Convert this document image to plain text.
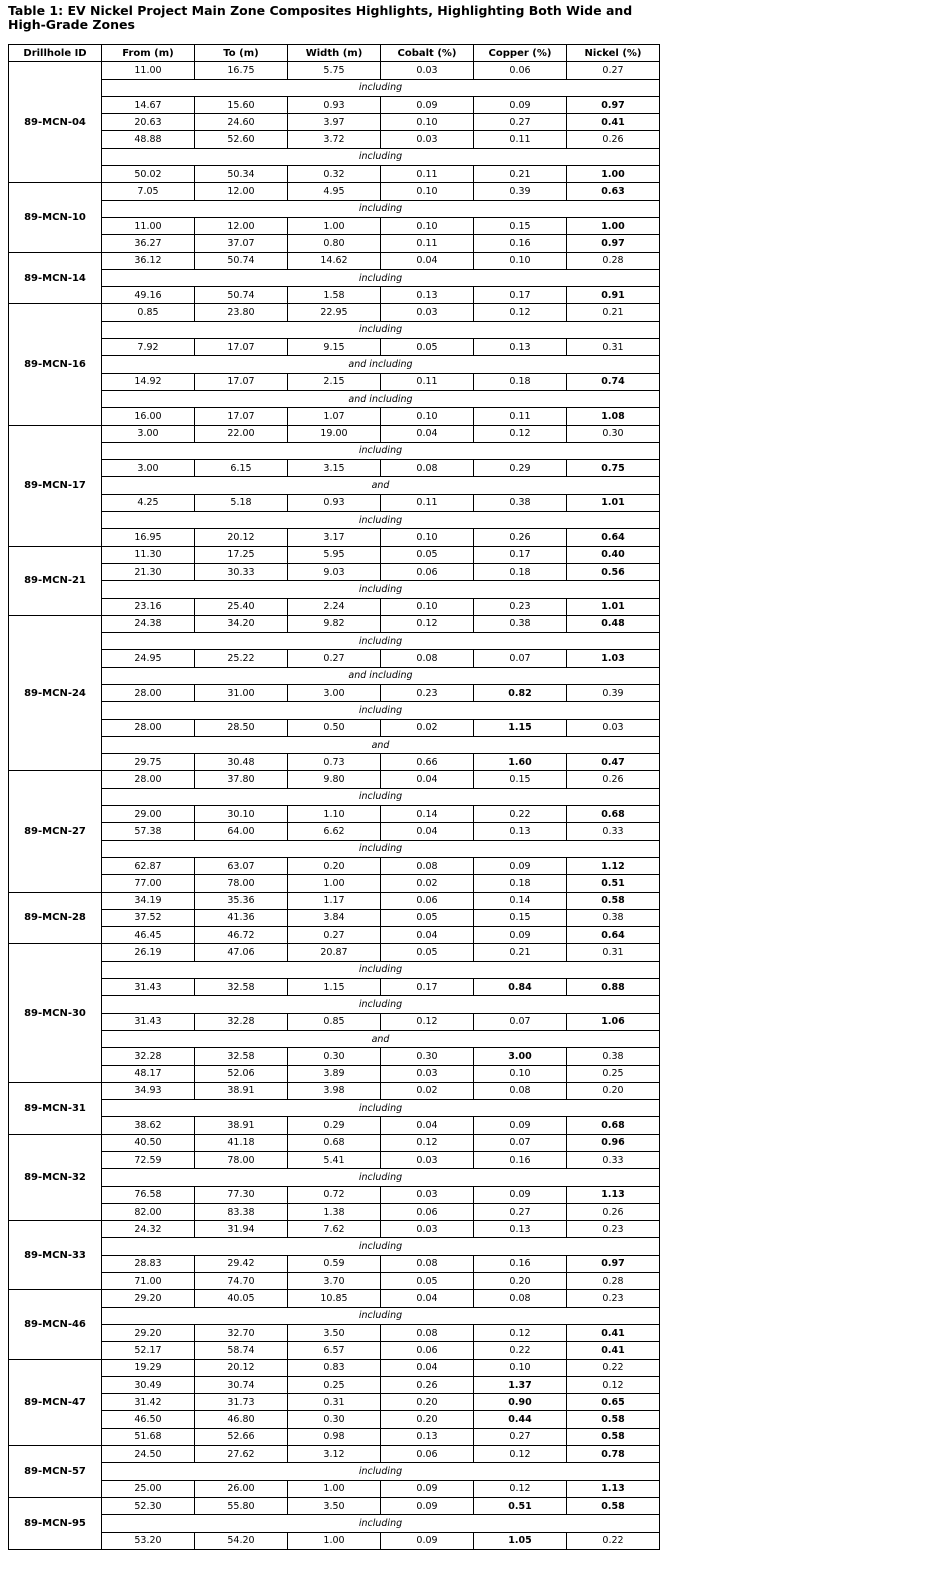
Table 1: EV Nickel Project Main Zone Composites Highlights, Highlighting Both Wide and High-Grade Zones
Drillhole ID	From (m)	To (m)	Width (m)	Cobalt (%)	Copper (%)	Nickel (%)
89-MCN-04	11.00	16.75	5.75	0.03	0.06	0.27
	including					
	14.67	15.60	0.93	0.09	0.09	0.97
	20.63	24.60	3.97	0.10	0.27	0.41
	48.88	52.60	3.72	0.03	0.11	0.26
	including					
	50.02	50.34	0.32	0.11	0.21	1.00
89-MCN-10	7.05	12.00	4.95	0.10	0.39	0.63
	including					
	11.00	12.00	1.00	0.10	0.15	1.00
	36.27	37.07	0.80	0.11	0.16	0.97
89-MCN-14	36.12	50.74	14.62	0.04	0.10	0.28
	including					
	49.16	50.74	1.58	0.13	0.17	0.91
89-MCN-16	0.85	23.80	22.95	0.03	0.12	0.21
	including					
	7.92	17.07	9.15	0.05	0.13	0.31
	and including					
	14.92	17.07	2.15	0.11	0.18	0.74
	and including					
	16.00	17.07	1.07	0.10	0.11	1.08
89-MCN-17	3.00	22.00	19.00	0.04	0.12	0.30
	including					
	3.00	6.15	3.15	0.08	0.29	0.75
	and					
	4.25	5.18	0.93	0.11	0.38	1.01
	including					
	16.95	20.12	3.17	0.10	0.26	0.64
89-MCN-21	11.30	17.25	5.95	0.05	0.17	0.40
	21.30	30.33	9.03	0.06	0.18	0.56
	including					
	23.16	25.40	2.24	0.10	0.23	1.01
89-MCN-24	24.38	34.20	9.82	0.12	0.38	0.48
	including					
	24.95	25.22	0.27	0.08	0.07	1.03
	and including					
	28.00	31.00	3.00	0.23	0.82	0.39
	including					
	28.00	28.50	0.50	0.02	1.15	0.03
	and					
	29.75	30.48	0.73	0.66	1.60	0.47
89-MCN-27	28.00	37.80	9.80	0.04	0.15	0.26
	including					
	29.00	30.10	1.10	0.14	0.22	0.68
	57.38	64.00	6.62	0.04	0.13	0.33
	including					
	62.87	63.07	0.20	0.08	0.09	1.12
	77.00	78.00	1.00	0.02	0.18	0.51
89-MCN-28	34.19	35.36	1.17	0.06	0.14	0.58
	37.52	41.36	3.84	0.05	0.15	0.38
	46.45	46.72	0.27	0.04	0.09	0.64
89-MCN-30	26.19	47.06	20.87	0.05	0.21	0.31
	including					
	31.43	32.58	1.15	0.17	0.84	0.88
	including					
	31.43	32.28	0.85	0.12	0.07	1.06
	and					
	32.28	32.58	0.30	0.30	3.00	0.38
	48.17	52.06	3.89	0.03	0.10	0.25
89-MCN-31	34.93	38.91	3.98	0.02	0.08	0.20
	including					
	38.62	38.91	0.29	0.04	0.09	0.68
89-MCN-32	40.50	41.18	0.68	0.12	0.07	0.96
	72.59	78.00	5.41	0.03	0.16	0.33
	including					
	76.58	77.30	0.72	0.03	0.09	1.13
	82.00	83.38	1.38	0.06	0.27	0.26
89-MCN-33	24.32	31.94	7.62	0.03	0.13	0.23
	including					
	28.83	29.42	0.59	0.08	0.16	0.97
	71.00	74.70	3.70	0.05	0.20	0.28
89-MCN-46	29.20	40.05	10.85	0.04	0.08	0.23
	including					
	29.20	32.70	3.50	0.08	0.12	0.41
	52.17	58.74	6.57	0.06	0.22	0.41
89-MCN-47	19.29	20.12	0.83	0.04	0.10	0.22
	30.49	30.74	0.25	0.26	1.37	0.12
	31.42	31.73	0.31	0.20	0.90	0.65
	46.50	46.80	0.30	0.20	0.44	0.58
	51.68	52.66	0.98	0.13	0.27	0.58
89-MCN-57	24.50	27.62	3.12	0.06	0.12	0.78
	including					
	25.00	26.00	1.00	0.09	0.12	1.13
89-MCN-95	52.30	55.80	3.50	0.09	0.51	0.58
	including					
	53.20	54.20	1.00	0.09	1.05	0.22
